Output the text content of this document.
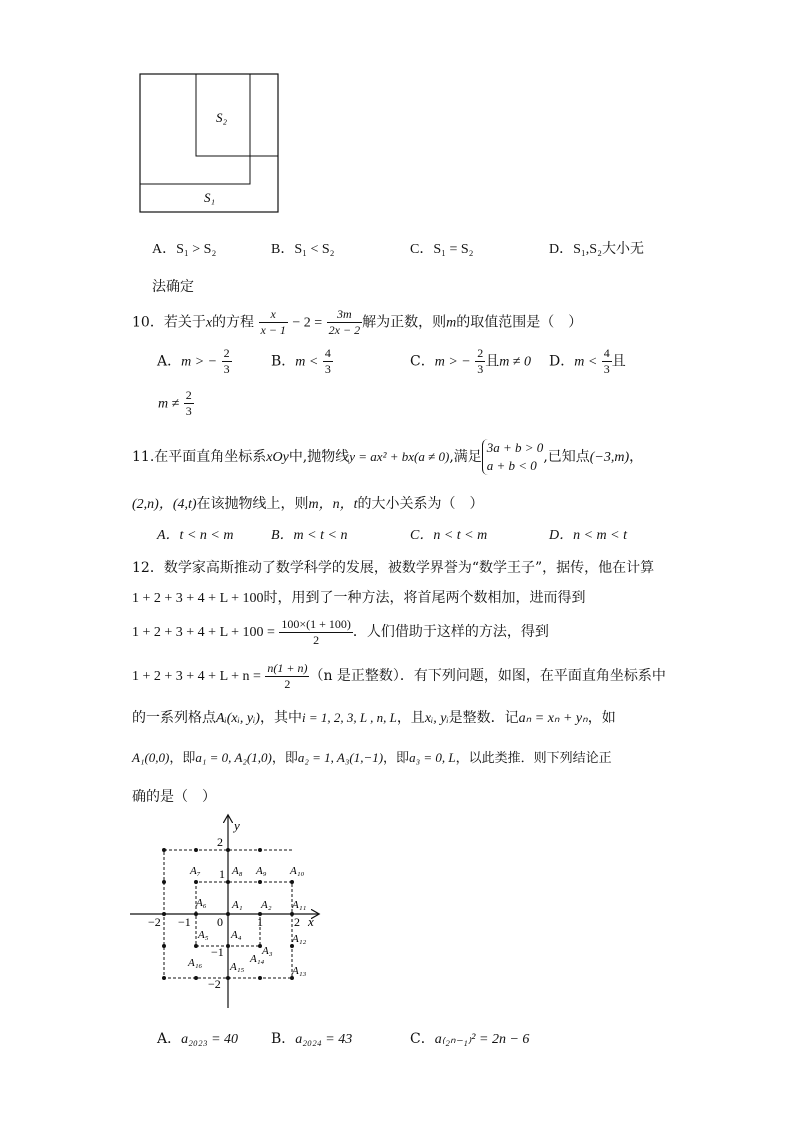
S₂
S₁
A．S₁ > S₂	B．S₁ < S₂	C．S₁ = S₂	D．S₁,S₂大小无
法确定
10．若关于x的方程 $\frac{x}{x - 1} - 2 = \frac{3m}{2x - 2}$ 解为正数，则m的取值范围是（　）
A．m > − $\frac{2}{3}$	B．$m < \frac{4}{3}$	C．m > − $\frac{2}{3}$ 且m ≠ 0 D．$m < \frac{4}{3}$ 且
$m \ne \frac{2}{3}$
11.在平面直角坐标系xOy中,抛物线y = ax² + bx(a ≠ 0),满足
3a + b > 0
a + b < 0
,已知点(−3,m)，
(2,n)，(4,t)在该抛物线上，则m，n，t的大小关系为（　）
A．t < n < m	B．m < t < n	C．n < t < m	D．n < m < t
12．数学家高斯推动了数学科学的发展，被数学界誉为“数学王子”，据传，他在计算
1 + 2 + 3 + 4 + L + 100时，用到了一种方法，将首尾两个数相加，进而得到
$1 + 2 + 3 + 4 + L + 100 = \frac{100\times(1 + 100)}{2}$ ．人们借助于这样的方法，得到
$1 + 2 + 3 + 4 + L + n = \frac{n(1 + n)}{2} (n$ 是正整数）．有下列问题，如图，在平面直角坐标系中
的一系列格点Aᵢ(xᵢ, yᵢ)，其中i = 1, 2, 3, L , n, L，且xᵢ, yᵢ是整数．记aₙ = xₙ + yₙ，如
A₁(0,0)，即a₁ = 0, A₂(1,0)，即a₂ = 1, A₃(1,−1)，即a₃ = 0, L，以此类推．则下列结论正
确的是（　）
y
x
0
−2 −1	1	2
2
1
−1
−2
A₁ A₂
A₃
A₄
A₅
A₆
A₇	A₈ A₉ A₁₀
A₁₁
A₁₂
A₁₃
A₁₄
A₁₅
A₁₆
A．a₂₀₂₃ = 40 B．a₂₀₂₄ = 43	C．a₍₂ₙ₋₁₎² = 2n − 6
